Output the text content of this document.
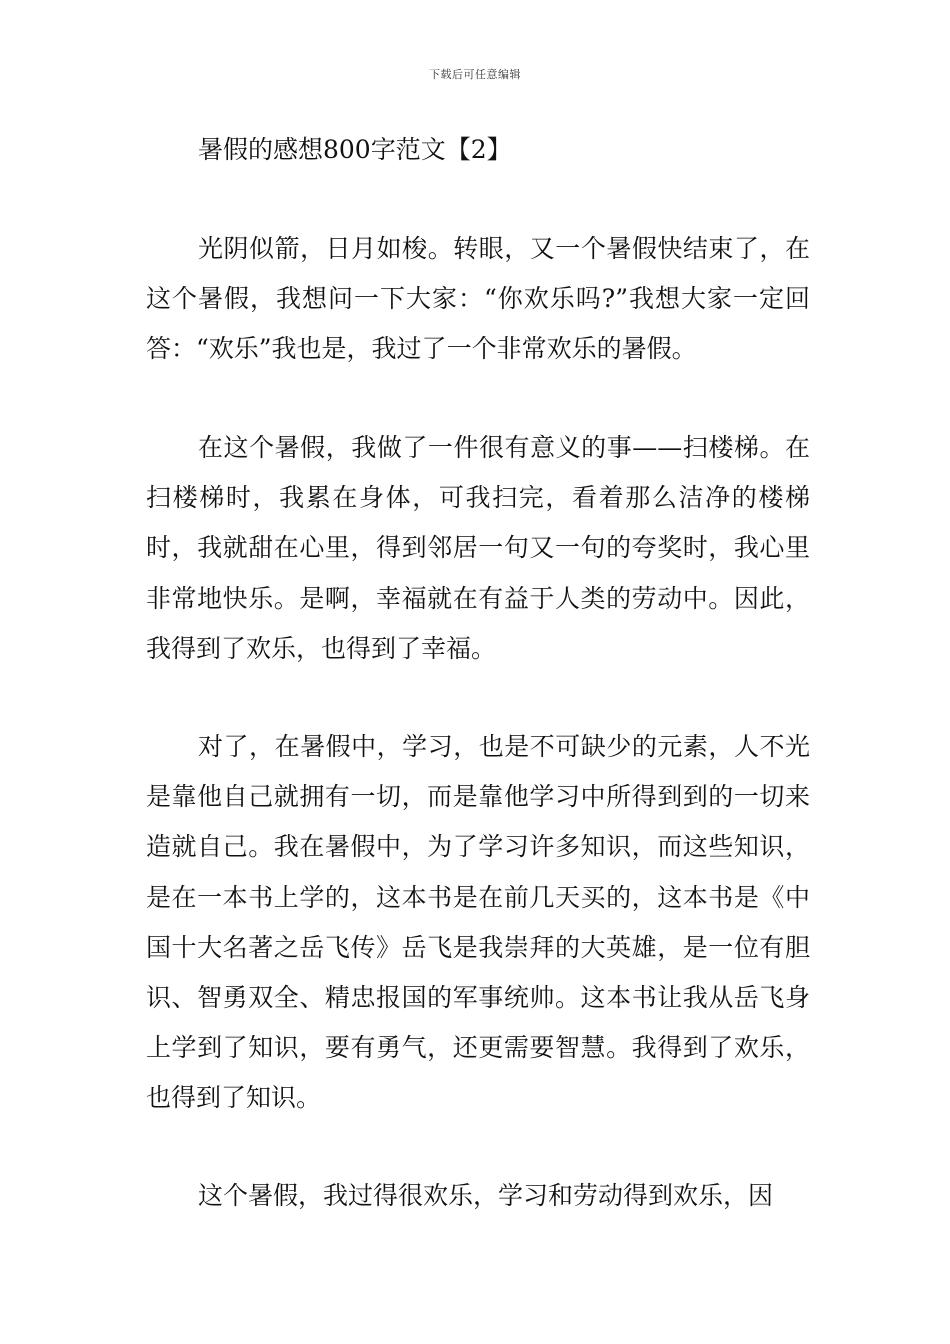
下载后可任意编辑
暑假的感想800字范文【2】

光阴似箭，日月如梭。转眼，又一个暑假快结束了，在这个暑假，我想问一下大家：“你欢乐吗?”我想大家一定回答：“欢乐”我也是，我过了一个非常欢乐的暑假。

在这个暑假，我做了一件很有意义的事——扫楼梯。在扫楼梯时，我累在身体，可我扫完，看着那么洁净的楼梯时，我就甜在心里，得到邻居一句又一句的夸奖时，我心里非常地快乐。是啊，幸福就在有益于人类的劳动中。因此，我得到了欢乐，也得到了幸福。

对了，在暑假中，学习，也是不可缺少的元素，人不光是靠他自己就拥有一切，而是靠他学习中所得到到的一切来造就自己。我在暑假中，为了学习许多知识，而这些知识，是在一本书上学的，这本书是在前几天买的，这本书是《中国十大名著之岳飞传》岳飞是我崇拜的大英雄，是一位有胆识、智勇双全、精忠报国的军事统帅。这本书让我从岳飞身上学到了知识，要有勇气，还更需要智慧。我得到了欢乐，也得到了知识。

这个暑假，我过得很欢乐，学习和劳动得到欢乐，因
